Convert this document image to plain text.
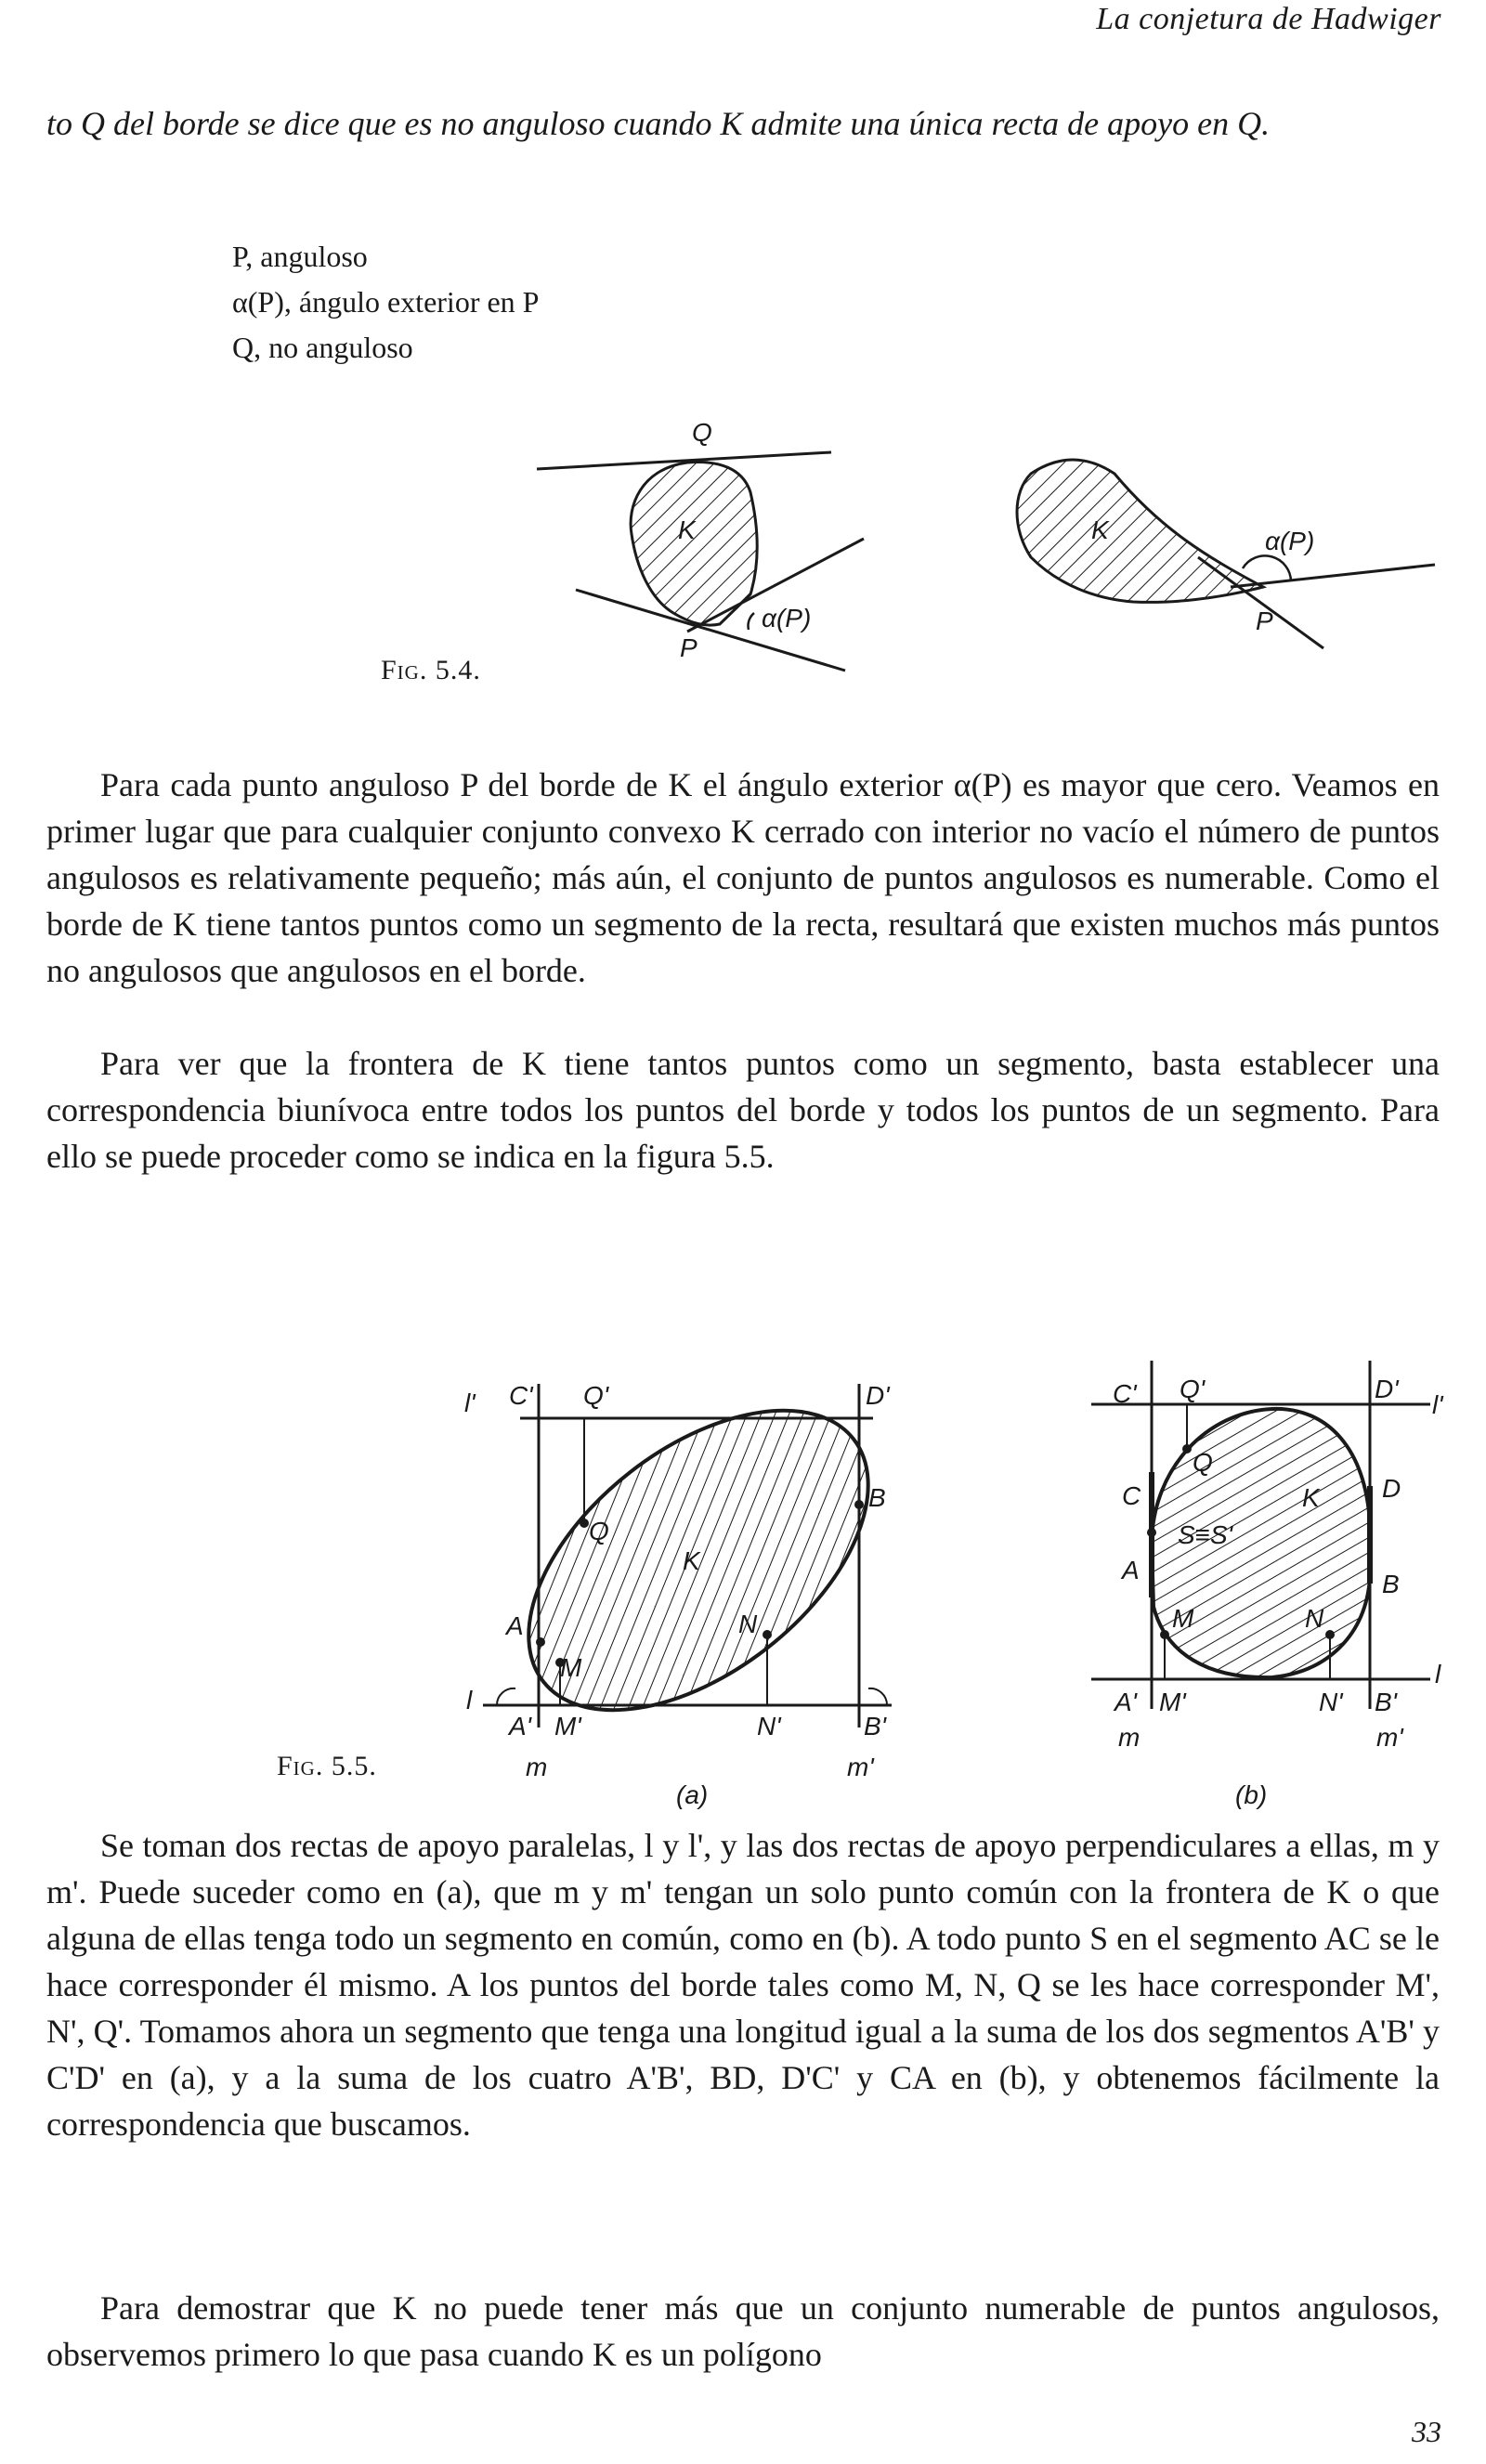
La conjetura de Hadwiger

to Q del borde se dice que es no anguloso cuando K admite una única recta de apoyo en Q.

P, anguloso
α(P), ángulo exterior en P
Q, no anguloso
Q
K
P
α(P)
K	α(P)
P
Fig. 5.4.

Para cada punto anguloso P del borde de K el ángulo exterior α(P) es mayor que cero. Veamos en primer lugar que para cualquier conjunto convexo K cerrado con interior no vacío el número de puntos angulosos es relativamente pequeño; más aún, el conjunto de puntos angulosos es numerable. Como el borde de K tiene tantos puntos como un segmento de la recta, resultará que existen muchos más puntos no angulosos que angulosos en el borde.

Para ver que la frontera de K tiene tantos puntos como un segmento, basta establecer una correspondencia biunívoca entre todos los puntos del borde y todos los puntos de un segmento. Para ello se puede proceder como se indica en la figura 5.5.

l' C' Q'	D'
B
Q
K
A
M
N
l
A' M'	N'	B'
m	m'
(a)
C' Q'	D'
l'
Q
C	D
K
S≡S'
A	B
M	N
l
A' M'	N' B'
m	m'
(b)
Fig. 5.5.

Se toman dos rectas de apoyo paralelas, l y l', y las dos rectas de apoyo perpendiculares a ellas, m y m'. Puede suceder como en (a), que m y m' tengan un solo punto común con la frontera de K o que alguna de ellas tenga todo un segmento en común, como en (b). A todo punto S en el segmento AC se le hace corresponder él mismo. A los puntos del borde tales como M, N, Q se les hace corresponder M', N', Q'. Tomamos ahora un segmento que tenga una longitud igual a la suma de los dos segmentos A'B' y C'D' en (a), y a la suma de los cuatro A'B', BD, D'C' y CA en (b), y obtenemos fácilmente la correspondencia que buscamos.

Para demostrar que K no puede tener más que un conjunto numerable de puntos angulosos, observemos primero lo que pasa cuando K es un polígono

33
